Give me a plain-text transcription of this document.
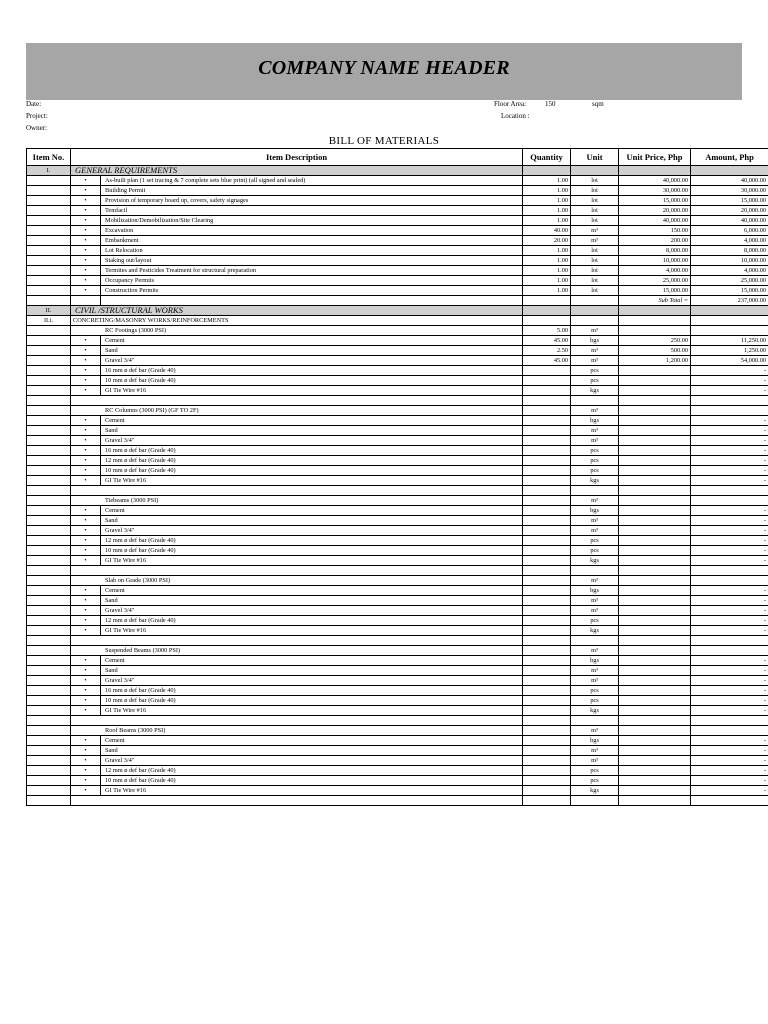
COMPANY NAME HEADER
Date:
Project:
Owner:
Floor Area:	150	sqm
Location :
BILL OF MATERIALS
Item No.	Item Description		Quantity	Unit	Unit Price, Php	Amount, Php
I.	GENERAL REQUIREMENTS					
	•	As-built plan (1 set tracing & 7 complete sets blue print) (all signed and sealed)	1.00	lot	40,000.00	40,000.00
	•	Building Permit	1.00	lot	30,000.00	30,000.00
	•	Provision of temporary board up, covers, safety signages	1.00	lot	15,000.00	15,000.00
	•	Temfacil	1.00	lot	20,000.00	20,000.00
	•	Mobilization/Demobilization/Site Clearing	1.00	lot	40,000.00	40,000.00
	•	Excavation	40.00	m³	150.00	6,000.00
	•	Embankment	20.00	m³	200.00	4,000.00
	•	Lot Relocation	1.00	lot	8,000.00	8,000.00
	•	Staking out/layout	1.00	lot	10,000.00	10,000.00
	•	Termites and Pesticides Treatment for structural preparation	1.00	lot	4,000.00	4,000.00
	•	Occupancy Permits	1.00	lot	25,000.00	25,000.00
	•	Construction Permits	1.00	lot	15,000.00	15,000.00
					Sub Total =	237,000.00
II.	CIVIL /STRUCTURAL WORKS					
II.i.	CONCRETING/MASONRY WORKS/REINFORCEMENTS					
	RC Footings (3000 PSI)		5.00	m³		
	•	Cement	45.00	bgs	250.00	11,250.00
	•	Sand	2.50	m³	500.00	1,250.00
	•	Gravel 3/4"	45.00	m³	1,200.00	54,000.00
	•	16 mm ø def bar (Grade 40)		pcs		-
	•	10 mm ø def bar (Grade 40)		pcs		-
	•	GI Tie Wire #16		kgs		-

	RC Columns (3000 PSI) (GF TO 2F)			m³		
	•	Cement		bgs		-
	•	Sand		m³		-
	•	Gravel 3/4"		m³		-
	•	16 mm ø def bar (Grade 40)		pcs		-
	•	12 mm ø def bar (Grade 40)		pcs		-
	•	10 mm ø def bar (Grade 40)		pcs		-
	•	GI Tie Wire #16		kgs		-

	Tiebeams (3000 PSI)			m³		
	•	Cement		bgs		-
	•	Sand		m³		-
	•	Gravel 3/4"		m³		-
	•	12 mm ø def bar (Grade 40)		pcs		-
	•	10 mm ø def bar (Grade 40)		pcs		-
	•	GI Tie Wire #16		kgs		-

	Slab on Grade (3000 PSI)			m³		
	•	Cement		bgs		-
	•	Sand		m³		-
	•	Gravel 3/4"		m³		-
	•	12 mm ø def bar (Grade 40)		pcs		-
	•	GI Tie Wire #16		kgs		-

	Suspended Beams (3000 PSI)			m³		
	•	Cement		bgs		-
	•	Sand		m³		-
	•	Gravel 3/4"		m³		-
	•	16 mm ø def bar (Grade 40)		pcs		-
	•	10 mm ø def bar (Grade 40)		pcs		-
	•	GI Tie Wire #16		kgs		-

	Roof Beams (3000 PSI)			m³		
	•	Cement		bgs		-
	•	Sand		m³		-
	•	Gravel 3/4"		m³		-
	•	12 mm ø def bar (Grade 40)		pcs		-
	•	10 mm ø def bar (Grade 40)		pcs		-
	•	GI Tie Wire #16		kgs		-
